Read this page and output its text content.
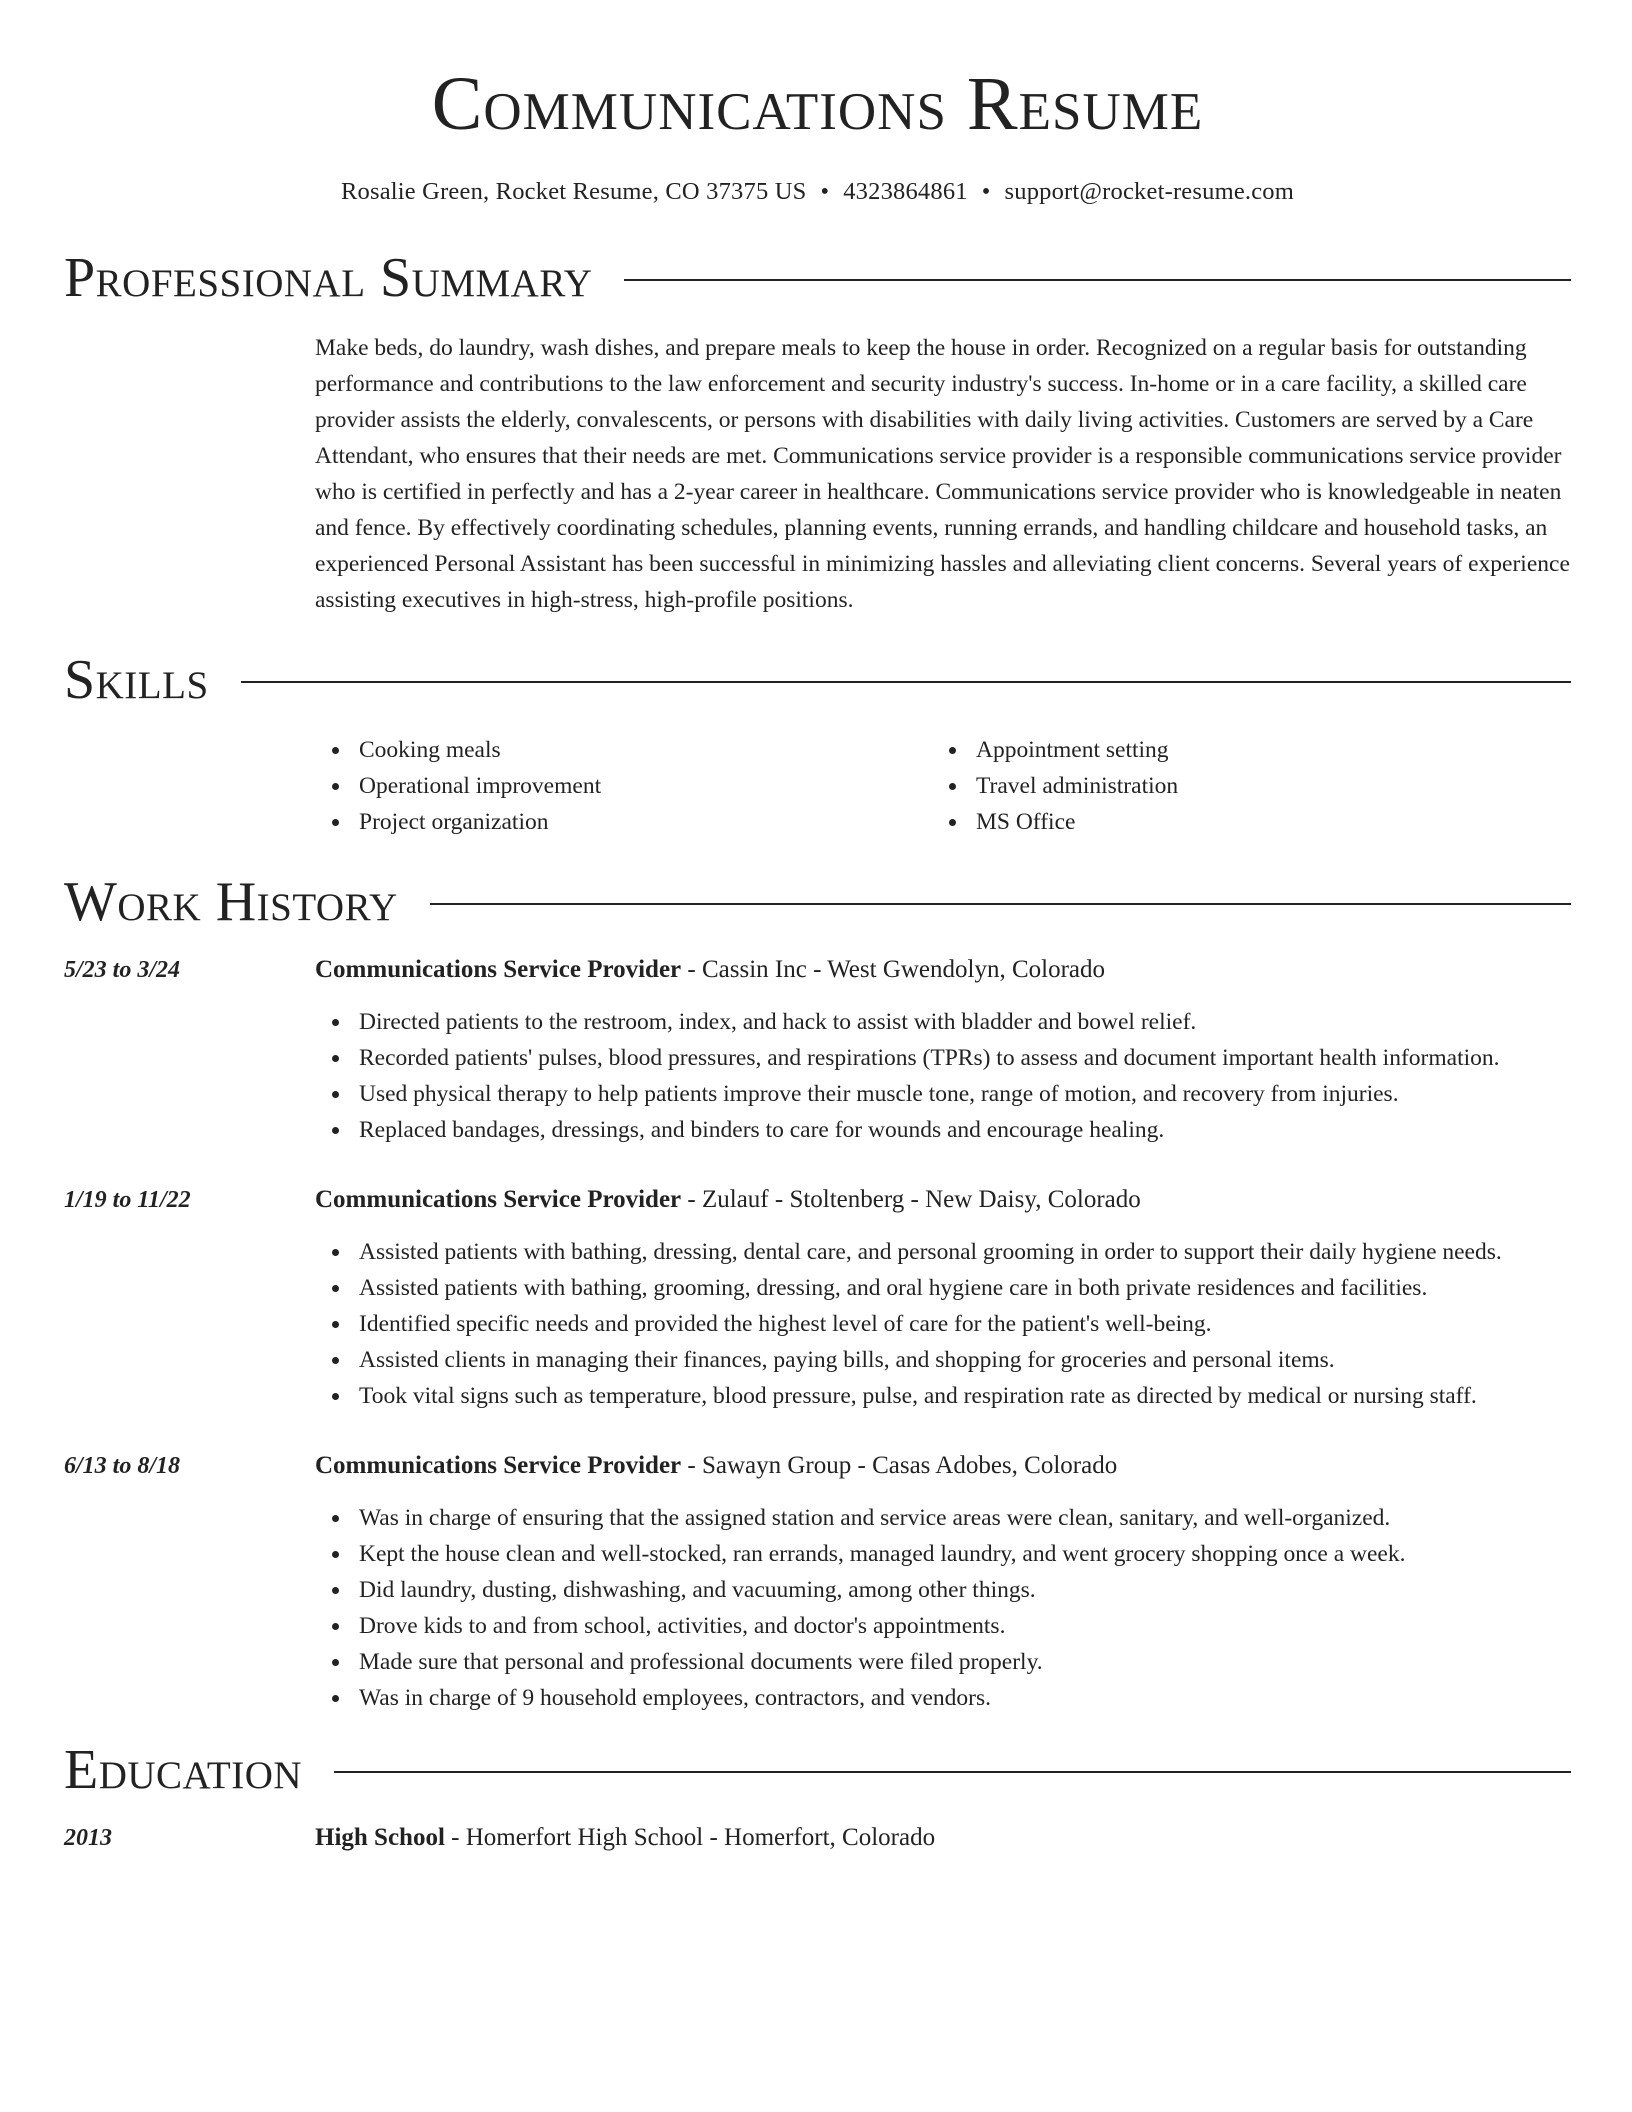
Communications Resume
Rosalie Green, Rocket Resume, CO 37375 US • 4323864861 • support@rocket-resume.com
Professional Summary

Make beds, do laundry, wash dishes, and prepare meals to keep the house in order. Recognized on a regular basis for outstanding performance and contributions to the law enforcement and security industry's success. In-home or in a care facility, a skilled care provider assists the elderly, convalescents, or persons with disabilities with daily living activities. Customers are served by a Care Attendant, who ensures that their needs are met. Communications service provider is a responsible communications service provider who is certified in perfectly and has a 2-year career in healthcare. Communications service provider who is knowledgeable in neaten and fence. By effectively coordinating schedules, planning events, running errands, and handling childcare and household tasks, an experienced Personal Assistant has been successful in minimizing hassles and alleviating client concerns. Several years of experience assisting executives in high-stress, high-profile positions.

Skills
Cooking meals
Operational improvement
Project organization
Appointment setting
Travel administration
MS Office
Work History
5/23 to 3/24	Communications Service Provider - Cassin Inc - West Gwendolyn, Colorado
Directed patients to the restroom, index, and hack to assist with bladder and bowel relief.
Recorded patients' pulses, blood pressures, and respirations (TPRs) to assess and document important health information.
Used physical therapy to help patients improve their muscle tone, range of motion, and recovery from injuries.
Replaced bandages, dressings, and binders to care for wounds and encourage healing.
1/19 to 11/22	Communications Service Provider - Zulauf - Stoltenberg - New Daisy, Colorado
Assisted patients with bathing, dressing, dental care, and personal grooming in order to support their daily hygiene needs.
Assisted patients with bathing, grooming, dressing, and oral hygiene care in both private residences and facilities.
Identified specific needs and provided the highest level of care for the patient's well-being.
Assisted clients in managing their finances, paying bills, and shopping for groceries and personal items.
Took vital signs such as temperature, blood pressure, pulse, and respiration rate as directed by medical or nursing staff.
6/13 to 8/18	Communications Service Provider - Sawayn Group - Casas Adobes, Colorado
Was in charge of ensuring that the assigned station and service areas were clean, sanitary, and well-organized.
Kept the house clean and well-stocked, ran errands, managed laundry, and went grocery shopping once a week.
Did laundry, dusting, dishwashing, and vacuuming, among other things.
Drove kids to and from school, activities, and doctor's appointments.
Made sure that personal and professional documents were filed properly.
Was in charge of 9 household employees, contractors, and vendors.
Education
2013	High School - Homerfort High School - Homerfort, Colorado
